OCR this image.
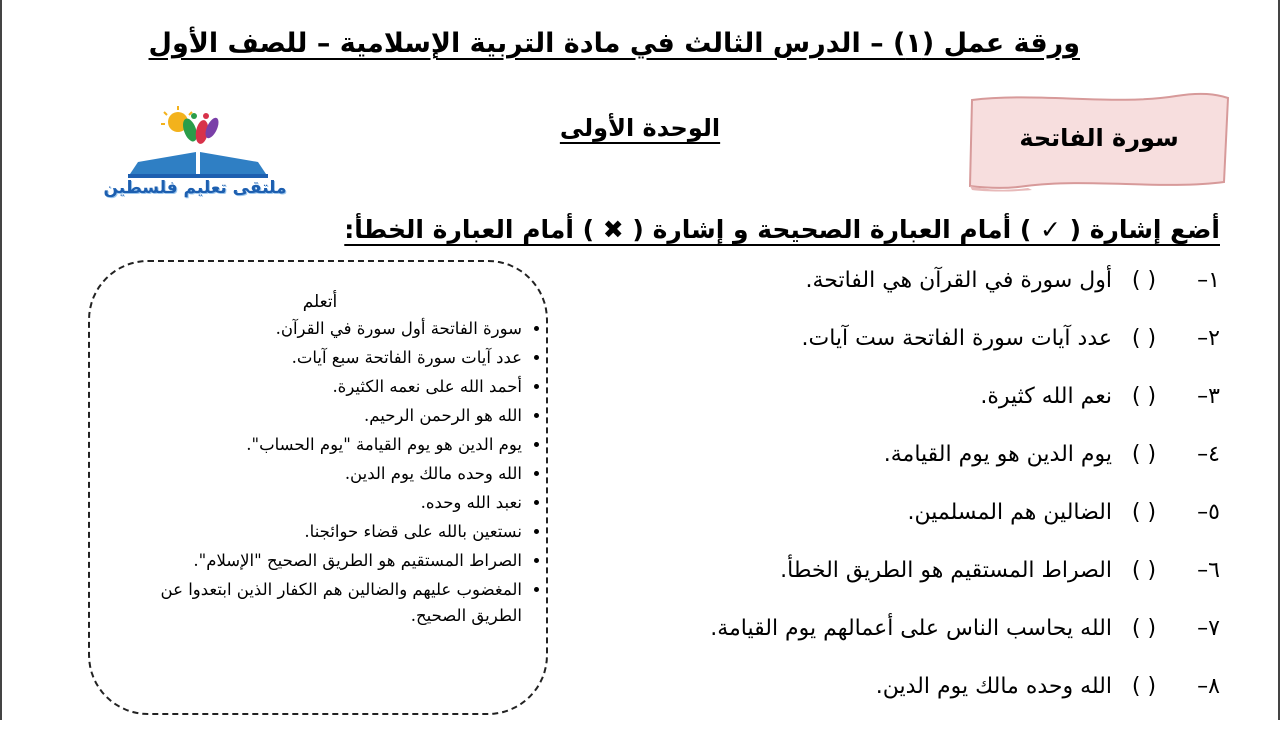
ورقة عمل (١) – الدرس الثالث في مادة التربية الإسلامية – للصف الأول
الوحدة الأولى	سورة الفاتحة
ملتقى تعليم فلسطين
أضع إشارة ( ✓ ) أمام العبارة الصحيحة و إشارة ( ✖ ) أمام العبارة الخطأ:
١–
( )
أول سورة في القرآن هي الفاتحة.
٢–
( )
عدد آيات سورة الفاتحة ست آيات.
٣–
( )
نعم الله كثيرة.
٤–
( )
يوم الدين هو يوم القيامة.
٥–
( )
الضالين هم المسلمين.
٦–
( )
الصراط المستقيم هو الطريق الخطأ.
٧–
( )
الله يحاسب الناس على أعمالهم يوم القيامة.
٨–
( )
الله وحده مالك يوم الدين.
أتعلم
• سورة الفاتحة أول سورة في القرآن.
• عدد آيات سورة الفاتحة سبع آيات.
• أحمد الله على نعمه الكثيرة.
• الله هو الرحمن الرحيم.
• يوم الدين هو يوم القيامة "يوم الحساب".
• الله وحده مالك يوم الدين.
• نعبد الله وحده.
• نستعين بالله على قضاء حوائجنا.
• الصراط المستقيم هو الطريق الصحيح "الإسلام".
• المغضوب عليهم والضالين هم الكفار الذين ابتعدوا عن الطريق الصحيح.
